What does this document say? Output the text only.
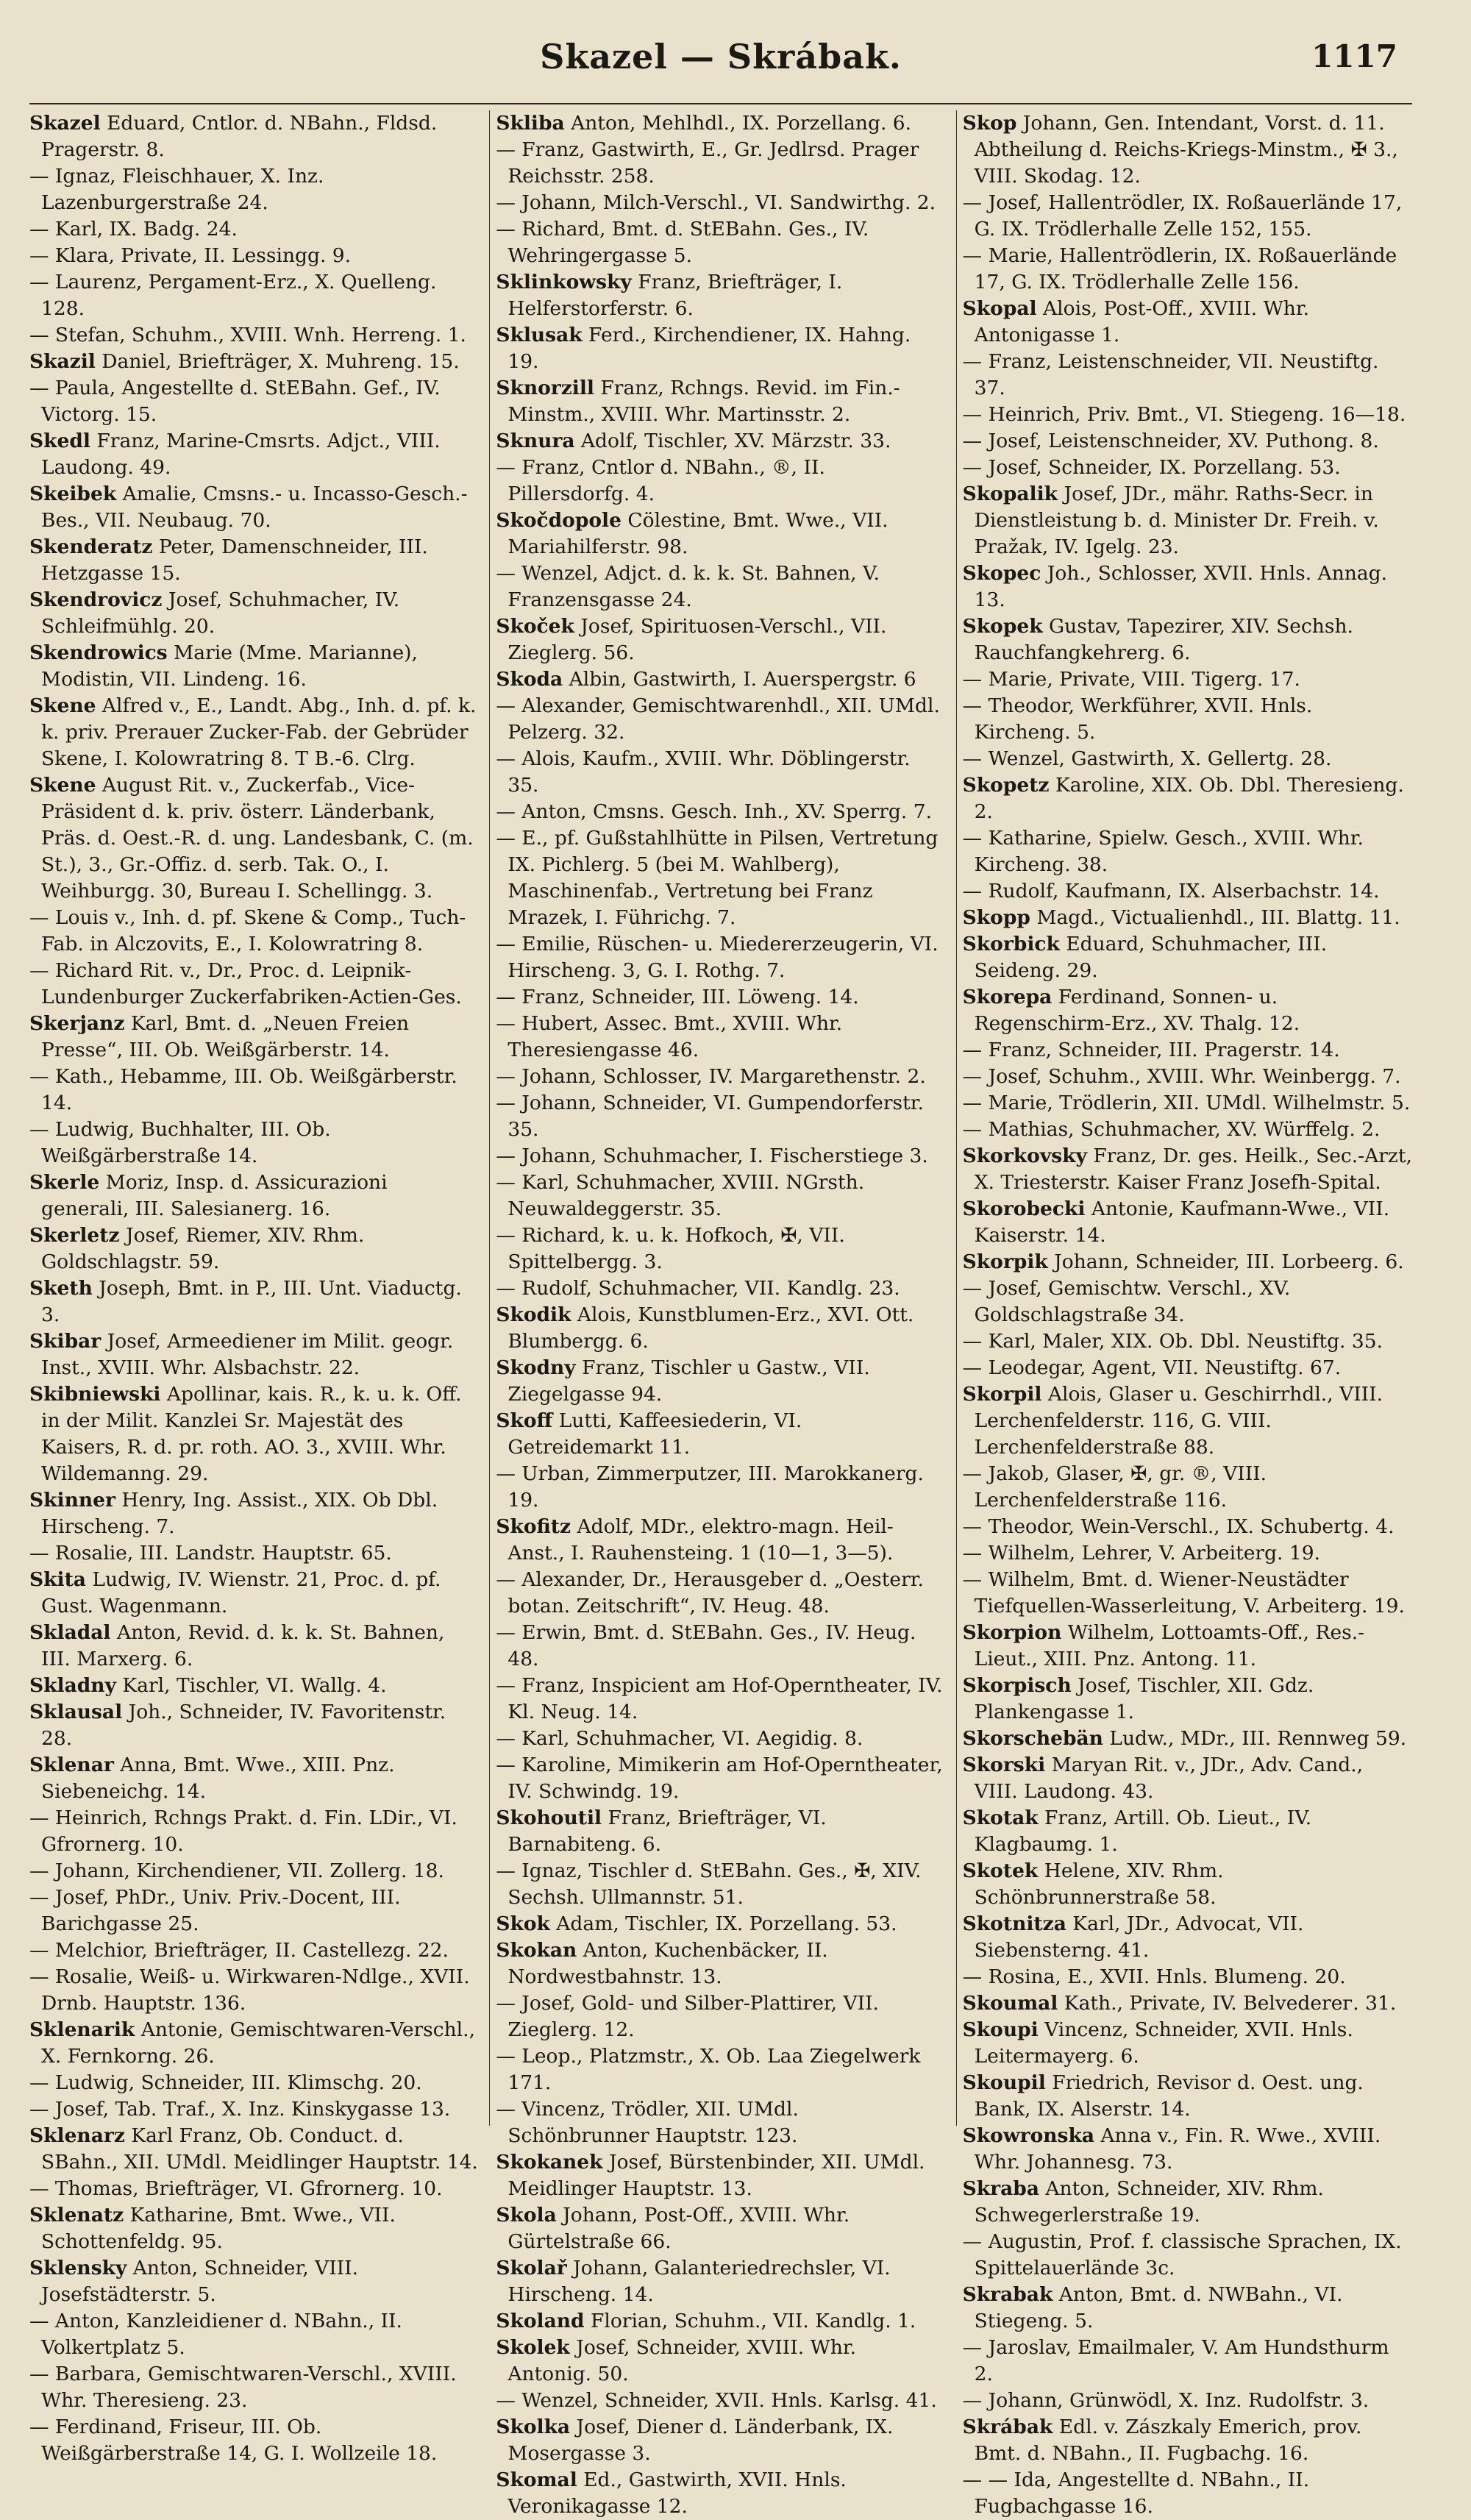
Skazel — Skrábak.	1117

Skazel Eduard, Cntlor. d. NBahn., Fldsd. Pragerstr. 8.

— Ignaz, Fleischhauer, X. Inz. Lazenburgerstraße 24.

— Karl, IX. Badg. 24.

— Klara, Private, II. Lessingg. 9.

— Laurenz, Pergament-Erz., X. Quelleng. 128.

— Stefan, Schuhm., XVIII. Wnh. Herreng. 1.

Skazil Daniel, Briefträger, X. Muhreng. 15.

— Paula, Angestellte d. StEBahn. Gef., IV. Victorg. 15.

Skedl Franz, Marine-Cmsrts. Adjct., VIII. Laudong. 49.

Skeibek Amalie, Cmsns.- u. Incasso-Gesch.-Bes., VII. Neubaug. 70.

Skenderatz Peter, Damenschneider, III. Hetzgasse 15.

Skendrovicz Josef, Schuhmacher, IV. Schleifmühlg. 20.

Skendrowics Marie (Mme. Marianne), Modistin, VII. Lindeng. 16.

Skene Alfred v., E., Landt. Abg., Inh. d. pf. k. k. priv. Prerauer Zucker-Fab. der Gebrüder Skene, I. Kolowratring 8. T B.-6. Clrg.

Skene August Rit. v., Zuckerfab., Vice-Präsident d. k. priv. österr. Länderbank, Präs. d. Oest.-R. d. ung. Landesbank, C. (m. St.), 3., Gr.-Offiz. d. serb. Tak. O., I. Weihburgg. 30, Bureau I. Schellingg. 3.

— Louis v., Inh. d. pf. Skene & Comp., Tuch-Fab. in Alczovits, E., I. Kolowratring 8.

— Richard Rit. v., Dr., Proc. d. Leipnik-Lundenburger Zuckerfabriken-Actien-Ges.

Skerjanz Karl, Bmt. d. „Neuen Freien Presse“, III. Ob. Weißgärberstr. 14.

— Kath., Hebamme, III. Ob. Weißgärberstr. 14.

— Ludwig, Buchhalter, III. Ob. Weißgärberstraße 14.

Skerle Moriz, Insp. d. Assicurazioni generali, III. Salesianerg. 16.

Skerletz Josef, Riemer, XIV. Rhm. Goldschlagstr. 59.

Sketh Joseph, Bmt. in P., III. Unt. Viaductg. 3.

Skibar Josef, Armeediener im Milit. geogr. Inst., XVIII. Whr. Alsbachstr. 22.

Skibniewski Apollinar, kais. R., k. u. k. Off. in der Milit. Kanzlei Sr. Majestät des Kaisers, R. d. pr. roth. AO. 3., XVIII. Whr. Wildemanng. 29.

Skinner Henry, Ing. Assist., XIX. Ob Dbl. Hirscheng. 7.

— Rosalie, III. Landstr. Hauptstr. 65.

Skita Ludwig, IV. Wienstr. 21, Proc. d. pf. Gust. Wagenmann.

Skladal Anton, Revid. d. k. k. St. Bahnen, III. Marxerg. 6.

Skladny Karl, Tischler, VI. Wallg. 4.

Sklausal Joh., Schneider, IV. Favoritenstr. 28.

Sklenar Anna, Bmt. Wwe., XIII. Pnz. Siebeneichg. 14.

— Heinrich, Rchngs Prakt. d. Fin. LDir., VI. Gfrornerg. 10.

— Johann, Kirchendiener, VII. Zollerg. 18.

— Josef, PhDr., Univ. Priv.-Docent, III. Barichgasse 25.

— Melchior, Briefträger, II. Castellezg. 22.

— Rosalie, Weiß- u. Wirkwaren-Ndlge., XVII. Drnb. Hauptstr. 136.

Sklenarik Antonie, Gemischtwaren-Verschl., X. Fernkorng. 26.

— Ludwig, Schneider, III. Klimschg. 20.

— Josef, Tab. Traf., X. Inz. Kinskygasse 13.

Sklenarz Karl Franz, Ob. Conduct. d. SBahn., XII. UMdl. Meidlinger Hauptstr. 14.

— Thomas, Briefträger, VI. Gfrornerg. 10.

Sklenatz Katharine, Bmt. Wwe., VII. Schottenfeldg. 95.

Sklensky Anton, Schneider, VIII. Josefstädterstr. 5.

— Anton, Kanzleidiener d. NBahn., II. Volkertplatz 5.

— Barbara, Gemischtwaren-Verschl., XVIII. Whr. Theresieng. 23.

— Ferdinand, Friseur, III. Ob. Weißgärberstraße 14, G. I. Wollzeile 18.

Skliba Anton, Mehlhdl., IX. Porzellang. 6.

— Franz, Gastwirth, E., Gr. Jedlrsd. Prager Reichsstr. 258.

— Johann, Milch-Verschl., VI. Sandwirthg. 2.

— Richard, Bmt. d. StEBahn. Ges., IV. Wehringergasse 5.

Sklinkowsky Franz, Briefträger, I. Helferstorferstr. 6.

Sklusak Ferd., Kirchendiener, IX. Hahng. 19.

Sknorzill Franz, Rchngs. Revid. im Fin.-Minstm., XVIII. Whr. Martinsstr. 2.

Sknura Adolf, Tischler, XV. Märzstr. 33.

— Franz, Cntlor d. NBahn., ®, II. Pillersdorfg. 4.

Skočdopole Cölestine, Bmt. Wwe., VII. Mariahilferstr. 98.

— Wenzel, Adjct. d. k. k. St. Bahnen, V. Franzensgasse 24.

Skoček Josef, Spirituosen-Verschl., VII. Zieglerg. 56.

Skoda Albin, Gastwirth, I. Auerspergstr. 6

— Alexander, Gemischtwarenhdl., XII. UMdl. Pelzerg. 32.

— Alois, Kaufm., XVIII. Whr. Döblingerstr. 35.

— Anton, Cmsns. Gesch. Inh., XV. Sperrg. 7.

— E., pf. Gußstahlhütte in Pilsen, Vertretung IX. Pichlerg. 5 (bei M. Wahlberg), Maschinenfab., Vertretung bei Franz Mrazek, I. Führichg. 7.

— Emilie, Rüschen- u. Miedererzeugerin, VI. Hirscheng. 3, G. I. Rothg. 7.

— Franz, Schneider, III. Löweng. 14.

— Hubert, Assec. Bmt., XVIII. Whr. Theresiengasse 46.

— Johann, Schlosser, IV. Margarethenstr. 2.

— Johann, Schneider, VI. Gumpendorferstr. 35.

— Johann, Schuhmacher, I. Fischerstiege 3.

— Karl, Schuhmacher, XVIII. NGrsth. Neuwaldeggerstr. 35.

— Richard, k. u. k. Hofkoch, ✠, VII. Spittelbergg. 3.

— Rudolf, Schuhmacher, VII. Kandlg. 23.

Skodik Alois, Kunstblumen-Erz., XVI. Ott. Blumbergg. 6.

Skodny Franz, Tischler u Gastw., VII. Ziegelgasse 94.

Skoff Lutti, Kaffeesiederin, VI. Getreidemarkt 11.

— Urban, Zimmerputzer, III. Marokkanerg. 19.

Skofitz Adolf, MDr., elektro-magn. Heil-Anst., I. Rauhensteing. 1 (10—1, 3—5).

— Alexander, Dr., Herausgeber d. „Oesterr. botan. Zeitschrift“, IV. Heug. 48.

— Erwin, Bmt. d. StEBahn. Ges., IV. Heug. 48.

— Franz, Inspicient am Hof-Operntheater, IV. Kl. Neug. 14.

— Karl, Schuhmacher, VI. Aegidig. 8.

— Karoline, Mimikerin am Hof-Operntheater, IV. Schwindg. 19.

Skohoutil Franz, Briefträger, VI. Barnabiteng. 6.

— Ignaz, Tischler d. StEBahn. Ges., ✠, XIV. Sechsh. Ullmannstr. 51.

Skok Adam, Tischler, IX. Porzellang. 53.

Skokan Anton, Kuchenbäcker, II. Nordwestbahnstr. 13.

— Josef, Gold- und Silber-Plattirer, VII. Zieglerg. 12.

— Leop., Platzmstr., X. Ob. Laa Ziegelwerk 171.

— Vincenz, Trödler, XII. UMdl. Schönbrunner Hauptstr. 123.

Skokanek Josef, Bürstenbinder, XII. UMdl. Meidlinger Hauptstr. 13.

Skola Johann, Post-Off., XVIII. Whr. Gürtelstraße 66.

Skolař Johann, Galanteriedrechsler, VI. Hirscheng. 14.

Skoland Florian, Schuhm., VII. Kandlg. 1.

Skolek Josef, Schneider, XVIII. Whr. Antonig. 50.

— Wenzel, Schneider, XVII. Hnls. Karlsg. 41.

Skolka Josef, Diener d. Länderbank, IX. Mosergasse 3.

Skomal Ed., Gastwirth, XVII. Hnls. Veronikagasse 12.

Skop Johann, Gen. Intendant, Vorst. d. 11. Abtheilung d. Reichs-Kriegs-Minstm., ✠ 3., VIII. Skodag. 12.

— Josef, Hallentrödler, IX. Roßauerlände 17, G. IX. Trödlerhalle Zelle 152, 155.

— Marie, Hallentrödlerin, IX. Roßauerlände 17, G. IX. Trödlerhalle Zelle 156.

Skopal Alois, Post-Off., XVIII. Whr. Antonigasse 1.

— Franz, Leistenschneider, VII. Neustiftg. 37.

— Heinrich, Priv. Bmt., VI. Stiegeng. 16—18.

— Josef, Leistenschneider, XV. Puthong. 8.

— Josef, Schneider, IX. Porzellang. 53.

Skopalik Josef, JDr., mähr. Raths-Secr. in Dienstleistung b. d. Minister Dr. Freih. v. Pražak, IV. Igelg. 23.

Skopec Joh., Schlosser, XVII. Hnls. Annag. 13.

Skopek Gustav, Tapezirer, XIV. Sechsh. Rauchfangkehrerg. 6.

— Marie, Private, VIII. Tigerg. 17.

— Theodor, Werkführer, XVII. Hnls. Kircheng. 5.

— Wenzel, Gastwirth, X. Gellertg. 28.

Skopetz Karoline, XIX. Ob. Dbl. Theresieng. 2.

— Katharine, Spielw. Gesch., XVIII. Whr. Kircheng. 38.

— Rudolf, Kaufmann, IX. Alserbachstr. 14.

Skopp Magd., Victualienhdl., III. Blattg. 11.

Skorbick Eduard, Schuhmacher, III. Seideng. 29.

Skorepa Ferdinand, Sonnen- u. Regenschirm-Erz., XV. Thalg. 12.

— Franz, Schneider, III. Pragerstr. 14.

— Josef, Schuhm., XVIII. Whr. Weinbergg. 7.

— Marie, Trödlerin, XII. UMdl. Wilhelmstr. 5.

— Mathias, Schuhmacher, XV. Würffelg. 2.

Skorkovsky Franz, Dr. ges. Heilk., Sec.-Arzt, X. Triesterstr. Kaiser Franz Josefh-Spital.

Skorobecki Antonie, Kaufmann-Wwe., VII. Kaiserstr. 14.

Skorpik Johann, Schneider, III. Lorbeerg. 6.

— Josef, Gemischtw. Verschl., XV. Goldschlagstraße 34.

— Karl, Maler, XIX. Ob. Dbl. Neustiftg. 35.

— Leodegar, Agent, VII. Neustiftg. 67.

Skorpil Alois, Glaser u. Geschirrhdl., VIII. Lerchenfelderstr. 116, G. VIII. Lerchenfelderstraße 88.

— Jakob, Glaser, ✠, gr. ®, VIII. Lerchenfelderstraße 116.

— Theodor, Wein-Verschl., IX. Schubertg. 4.

— Wilhelm, Lehrer, V. Arbeiterg. 19.

— Wilhelm, Bmt. d. Wiener-Neustädter Tiefquellen-Wasserleitung, V. Arbeiterg. 19.

Skorpion Wilhelm, Lottoamts-Off., Res.-Lieut., XIII. Pnz. Antong. 11.

Skorpisch Josef, Tischler, XII. Gdz. Plankengasse 1.

Skorschebän Ludw., MDr., III. Rennweg 59.

Skorski Maryan Rit. v., JDr., Adv. Cand., VIII. Laudong. 43.

Skotak Franz, Artill. Ob. Lieut., IV. Klagbaumg. 1.

Skotek Helene, XIV. Rhm. Schönbrunnerstraße 58.

Skotnitza Karl, JDr., Advocat, VII. Siebensterng. 41.

— Rosina, E., XVII. Hnls. Blumeng. 20.

Skoumal Kath., Private, IV. Belvederег. 31.

Skoupi Vincenz, Schneider, XVII. Hnls. Leitermayerg. 6.

Skoupil Friedrich, Revisor d. Oest. ung. Bank, IX. Alserstr. 14.

Skowronska Anna v., Fin. R. Wwe., XVIII. Whr. Johannesg. 73.

Skraba Anton, Schneider, XIV. Rhm. Schwegerlerstraße 19.

— Augustin, Prof. f. classische Sprachen, IX. Spittelauerlände 3c.

Skrabak Anton, Bmt. d. NWBahn., VI. Stiegeng. 5.

— Jaroslav, Emailmaler, V. Am Hundsthurm 2.

— Johann, Grünwödl, X. Inz. Rudolfstr. 3.

Skrábak Edl. v. Zászkaly Emerich, prov. Bmt. d. NBahn., II. Fugbachg. 16.

— — Ida, Angestellte d. NBahn., II. Fugbachgasse 16.
